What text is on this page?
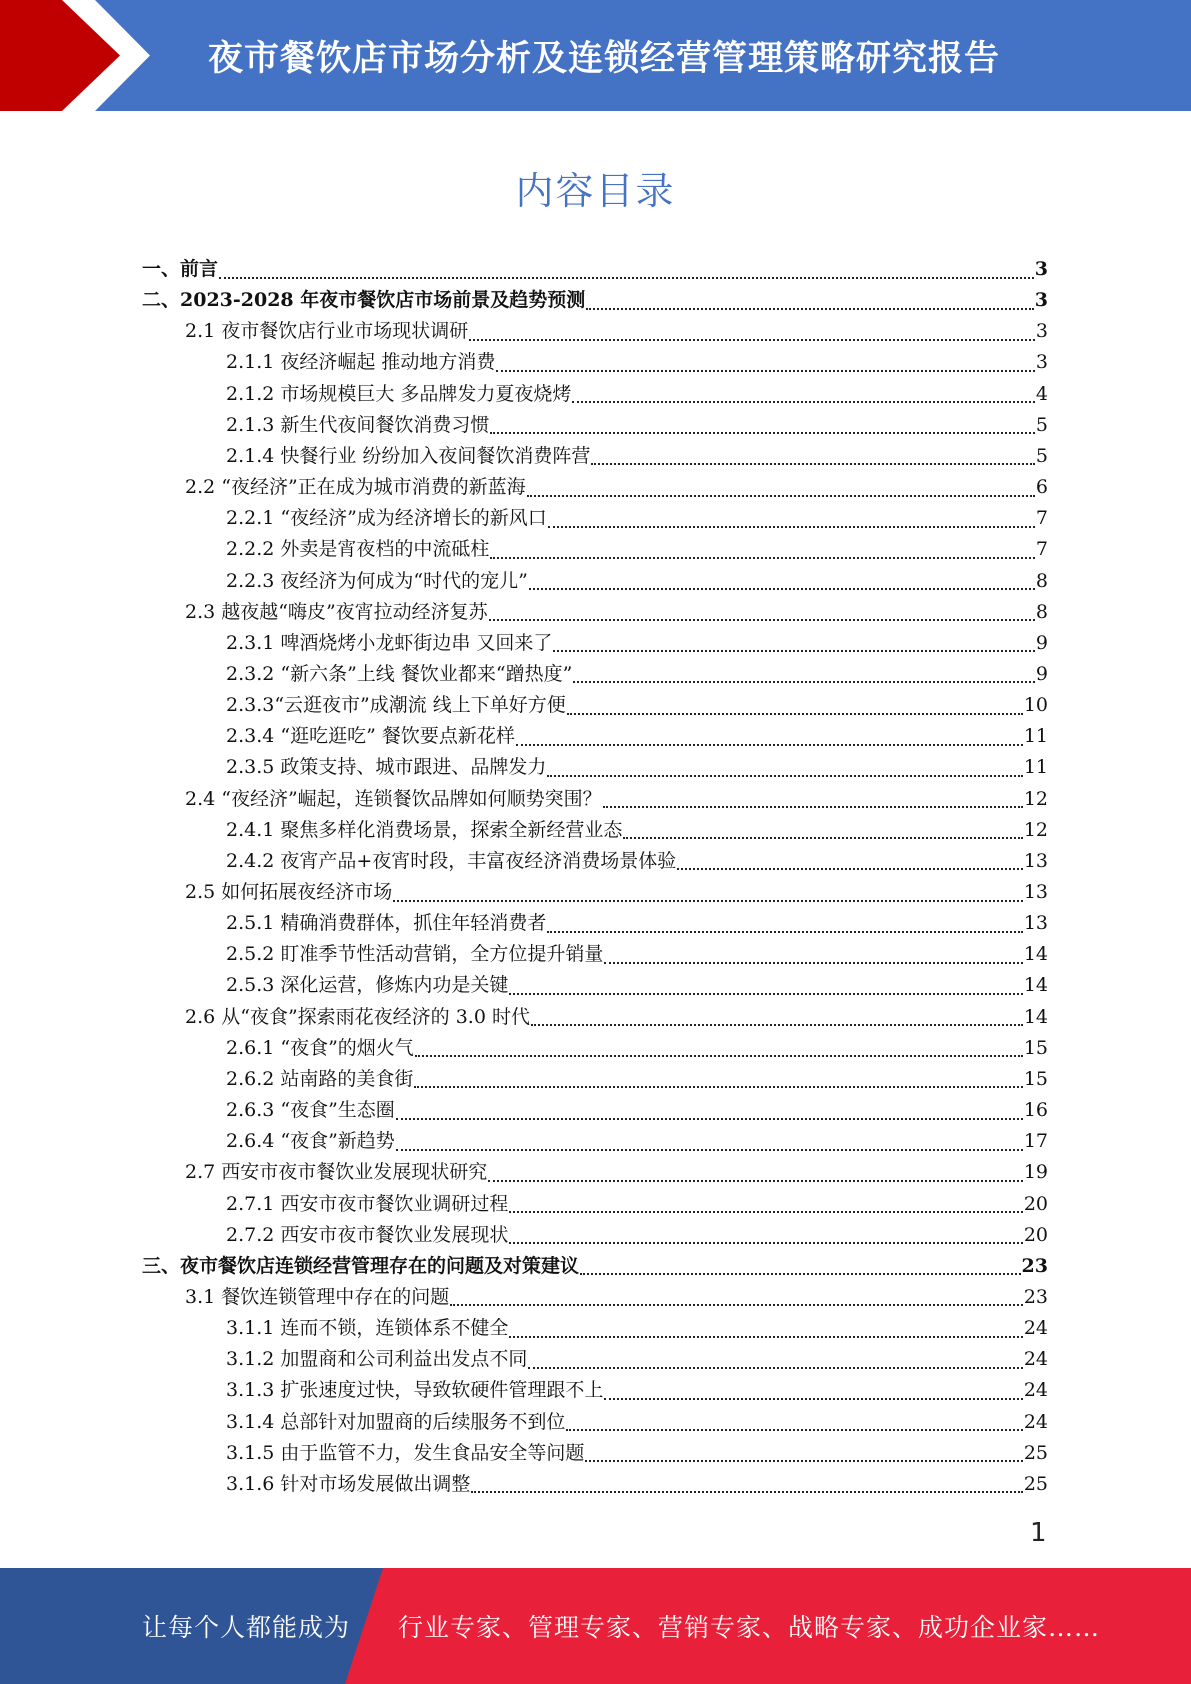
夜市餐饮店市场分析及连锁经营管理策略研究报告
内容目录
一、前言	3
二、2023-2028 年夜市餐饮店市场前景及趋势预测	3
2.1 夜市餐饮店行业市场现状调研	3
2.1.1 夜经济崛起 推动地方消费	3
2.1.2 市场规模巨大 多品牌发力夏夜烧烤	4
2.1.3 新生代夜间餐饮消费习惯	5
2.1.4 快餐行业 纷纷加入夜间餐饮消费阵营	5
2.2 “夜经济”正在成为城市消费的新蓝海	6
2.2.1 “夜经济”成为经济增长的新风口	7
2.2.2 外卖是宵夜档的中流砥柱	7
2.2.3 夜经济为何成为“时代的宠儿”	8
2.3 越夜越“嗨皮”夜宵拉动经济复苏	8
2.3.1 啤酒烧烤小龙虾街边串 又回来了	9
2.3.2 “新六条”上线 餐饮业都来“蹭热度”	9
2.3.3“云逛夜市”成潮流 线上下单好方便	10
2.3.4 “逛吃逛吃” 餐饮要点新花样	11
2.3.5 政策支持、城市跟进、品牌发力	11
2.4 “夜经济”崛起，连锁餐饮品牌如何顺势突围？	12
2.4.1 聚焦多样化消费场景，探索全新经营业态	12
2.4.2 夜宵产品+夜宵时段，丰富夜经济消费场景体验	13
2.5 如何拓展夜经济市场	13
2.5.1 精确消费群体，抓住年轻消费者	13
2.5.2 盯准季节性活动营销，全方位提升销量	14
2.5.3 深化运营，修炼内功是关键	14
2.6 从“夜食”探索雨花夜经济的 3.0 时代	14
2.6.1 “夜食”的烟火气	15
2.6.2 站南路的美食街	15
2.6.3 “夜食”生态圈	16
2.6.4 “夜食”新趋势	17
2.7 西安市夜市餐饮业发展现状研究	19
2.7.1 西安市夜市餐饮业调研过程	20
2.7.2 西安市夜市餐饮业发展现状	20
三、夜市餐饮店连锁经营管理存在的问题及对策建议	23
3.1 餐饮连锁管理中存在的问题	23
3.1.1 连而不锁，连锁体系不健全	24
3.1.2 加盟商和公司利益出发点不同	24
3.1.3 扩张速度过快，导致软硬件管理跟不上	24
3.1.4 总部针对加盟商的后续服务不到位	24
3.1.5 由于监管不力，发生食品安全等问题	25
3.1.6 针对市场发展做出调整	25
1
让每个人都能成为 行业专家、管理专家、营销专家、战略专家、成功企业家……
